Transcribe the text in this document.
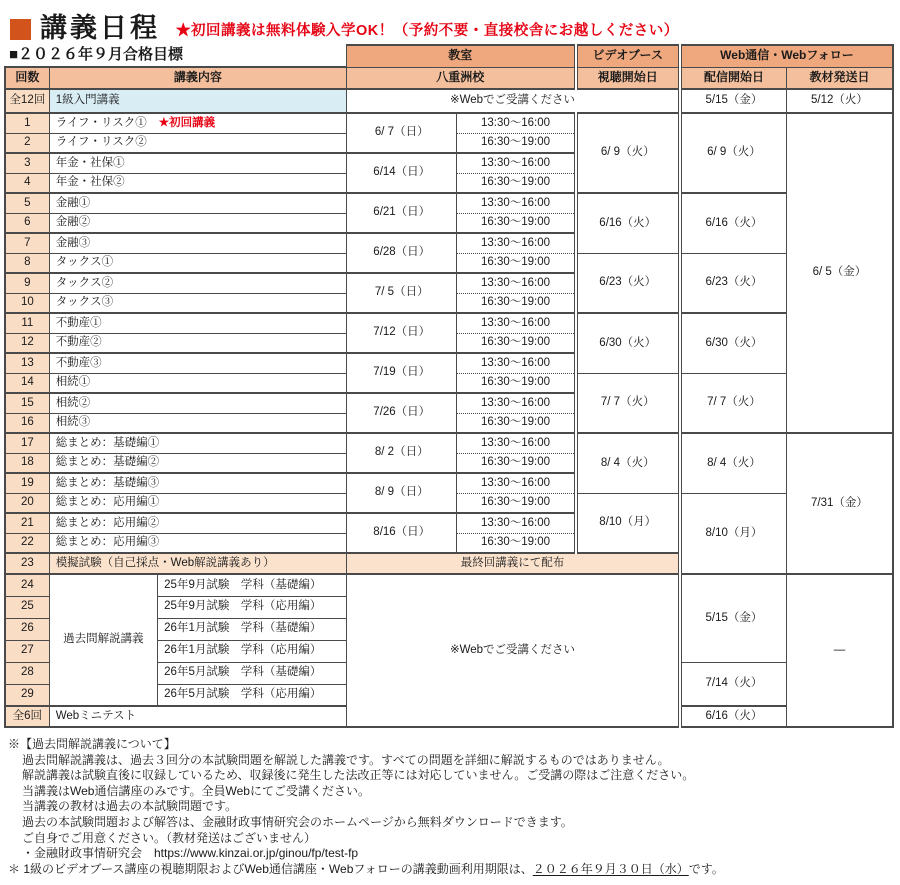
講義日程 ★初回講義は無料体験入学OK！（予約不要・直接校舎にお越しください）
■２０２６年９月合格目標			教室		ビデオブース	Web通信・Webフォロー	
回数	講義内容		八重洲校		視聴開始日	配信開始日	教材発送日
全12回	1級入門講義		※Webでご受講ください			5/15（金）	5/12（火）
1	ライフ・リスク① ★初回講義		6/ 7（日）	13:30～16:00	6/ 9（火）	6/ 9（火）	6/ 5（金）
2	ライフ・リスク②			16:30～19:00			
3	年金・社保①		6/14（日）	13:30～16:00			
4	年金・社保②			16:30～19:00			
5	金融①		6/21（日）	13:30～16:00	6/16（火）	6/16（火）	
6	金融②			16:30～19:00			
7	金融③		6/28（日）	13:30～16:00			
8	タックス①			16:30～19:00	6/23（火）	6/23（火）	
9	タックス②		7/ 5（日）	13:30～16:00			
10	タックス③			16:30～19:00			
11	不動産①		7/12（日）	13:30～16:00	6/30（火）	6/30（火）	
12	不動産②			16:30～19:00			
13	不動産③		7/19（日）	13:30～16:00			
14	相続①			16:30～19:00	7/ 7（火）	7/ 7（火）	
15	相続②		7/26（日）	13:30～16:00			
16	相続③			16:30～19:00			
17	総まとめ：基礎編①		8/ 2（日）	13:30～16:00	8/ 4（火）	8/ 4（火）	7/31（金）
18	総まとめ：基礎編②			16:30～19:00			
19	総まとめ：基礎編③		8/ 9（日）	13:30～16:00			
20	総まとめ：応用編①			16:30～19:00	8/10（月）	8/10（月）	
21	総まとめ：応用編②		8/16（日）	13:30～16:00			
22	総まとめ：応用編③			16:30～19:00			
23	模擬試験（自己採点・Web解説講義あり）		最終回講義にて配布				
24	過去問解説講義	25年9月試験　学科（基礎編）	※Webでご受講ください			5/15（金）	―
25		25年9月試験　学科（応用編）					
26		26年1月試験　学科（基礎編）					
27		26年1月試験　学科（応用編）					
28		26年5月試験　学科（基礎編）				7/14（火）	
29		26年5月試験　学科（応用編）					
全6回	Webミニテスト					6/16（火）	
※【過去問解説講義について】
過去問解説講義は、過去３回分の本試験問題を解説した講義です。すべての問題を詳細に解説するものではありません。
解説講義は試験直後に収録しているため、収録後に発生した法改正等には対応していません。ご受講の際はご注意ください。
当講義はWeb通信講座のみです。全員Webにてご受講ください。
当講義の教材は過去の本試験問題です。
過去の本試験問題および解答は、金融財政事情研究会のホームページから無料ダウンロードできます。
ご自身でご用意ください。（教材発送はございません）
・金融財政事情研究会　https://www.kinzai.or.jp/ginou/fp/test-fp
＊ 1級のビデオブース講座の視聴期限およびWeb通信講座・Webフォローの講義動画利用期限は、２０２６年９月３０日（水）です。
